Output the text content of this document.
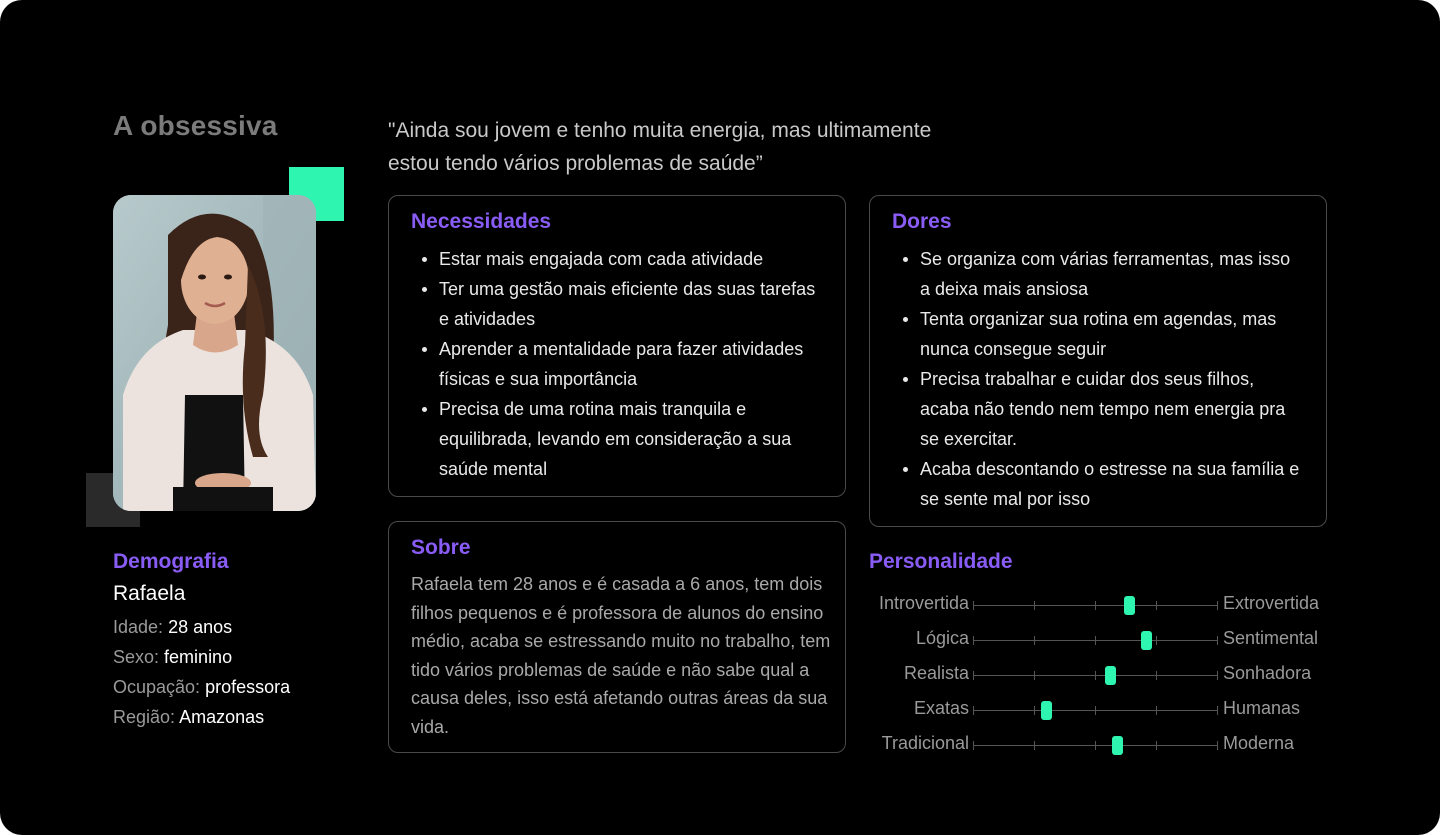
A obsessiva	"Ainda sou jovem e tenho muita energia, mas ultimamente estou tendo vários problemas de saúde”
Demografia
Rafaela
Idade: 28 anos
Sexo: feminino
Ocupação: professora
Região: Amazonas
Necessidades
Estar mais engajada com cada atividade
Ter uma gestão mais eficiente das suas tarefas e atividades
Aprender a mentalidade para fazer atividades físicas e sua importância
Precisa de uma rotina mais tranquila e equilibrada, levando em consideração a sua saúde mental
Dores
Se organiza com várias ferramentas, mas isso a deixa mais ansiosa
Tenta organizar sua rotina em agendas, mas nunca consegue seguir
Precisa trabalhar e cuidar dos seus filhos, acaba não tendo nem tempo nem energia pra se exercitar.
Acaba descontando o estresse na sua família e se sente mal por isso
Sobre
Rafaela tem 28 anos e é casada a 6 anos, tem dois filhos pequenos e é professora de alunos do ensino médio, acaba se estressando muito no trabalho, tem tido vários problemas de saúde e não sabe qual a causa deles, isso está afetando outras áreas da sua vida.
Personalidade
Introvertida	Extrovertida
Lógica	Sentimental
Realista	Sonhadora
Exatas	Humanas
Tradicional	Moderna
